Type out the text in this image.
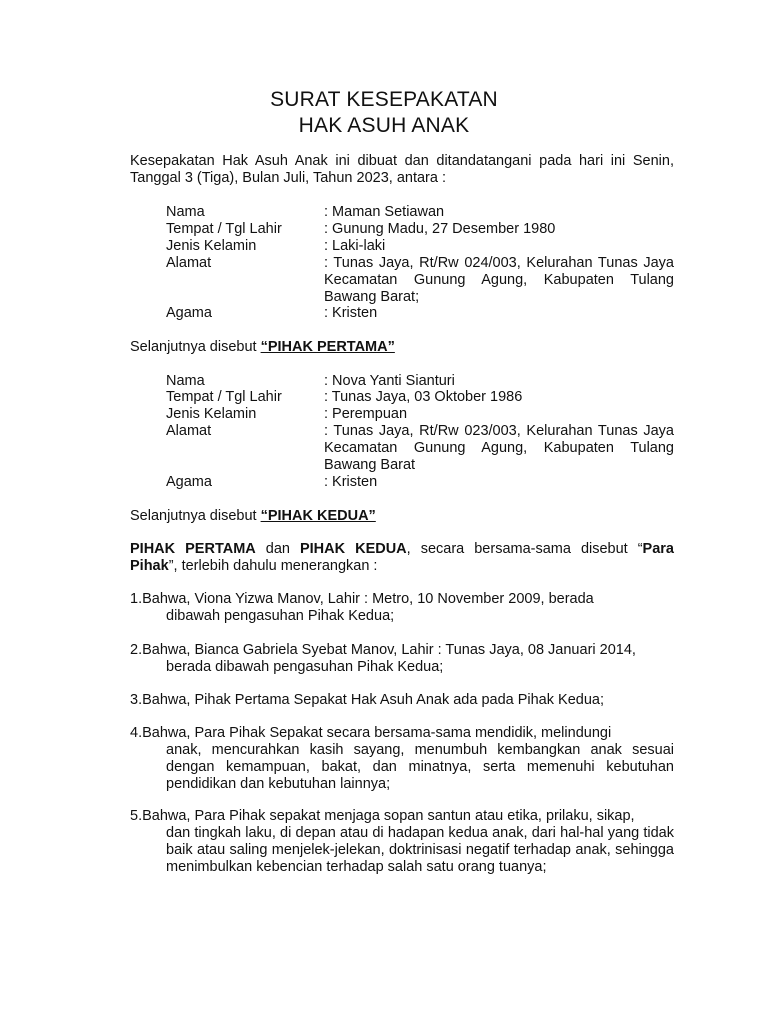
SURAT KESEPAKATAN
HAK ASUH ANAK
Kesepakatan Hak Asuh Anak ini dibuat dan ditandatangani pada hari ini Senin, Tanggal 3 (Tiga), Bulan Juli, Tahun 2023, antara :
Nama	: Maman Setiawan
Tempat / Tgl Lahir	: Gunung Madu, 27 Desember 1980
Jenis Kelamin	: Laki-laki
Alamat	: Tunas Jaya, Rt/Rw 024/003, Kelurahan Tunas Jaya Kecamatan Gunung Agung, Kabupaten Tulang Bawang Barat;
Agama	: Kristen
Selanjutnya disebut “PIHAK PERTAMA”
Nama	: Nova Yanti Sianturi
Tempat / Tgl Lahir	: Tunas Jaya, 03 Oktober 1986
Jenis Kelamin	: Perempuan
Alamat	: Tunas Jaya, Rt/Rw 023/003, Kelurahan Tunas Jaya Kecamatan Gunung Agung, Kabupaten Tulang Bawang Barat
Agama	: Kristen
Selanjutnya disebut “PIHAK KEDUA”
PIHAK PERTAMA dan PIHAK KEDUA, secara bersama-sama disebut “Para Pihak”, terlebih dahulu menerangkan :
1.Bahwa, Viona Yizwa Manov, Lahir : Metro, 10 November 2009, berada
dibawah pengasuhan Pihak Kedua;
2.Bahwa, Bianca Gabriela Syebat Manov, Lahir : Tunas Jaya, 08 Januari 2014,
berada dibawah pengasuhan Pihak Kedua;
3.Bahwa, Pihak Pertama Sepakat Hak Asuh Anak ada pada Pihak Kedua;
4.Bahwa, Para Pihak Sepakat secara bersama-sama mendidik, melindungi
anak, mencurahkan kasih sayang, menumbuh kembangkan anak sesuai dengan kemampuan, bakat, dan minatnya, serta memenuhi kebutuhan pendidikan dan kebutuhan lainnya;
5.Bahwa, Para Pihak sepakat menjaga sopan santun atau etika, prilaku, sikap,
dan tingkah laku, di depan atau di hadapan kedua anak, dari hal-hal yang tidak baik atau saling menjelek-jelekan, doktrinisasi negatif terhadap anak, sehingga menimbulkan kebencian terhadap salah satu orang tuanya;
